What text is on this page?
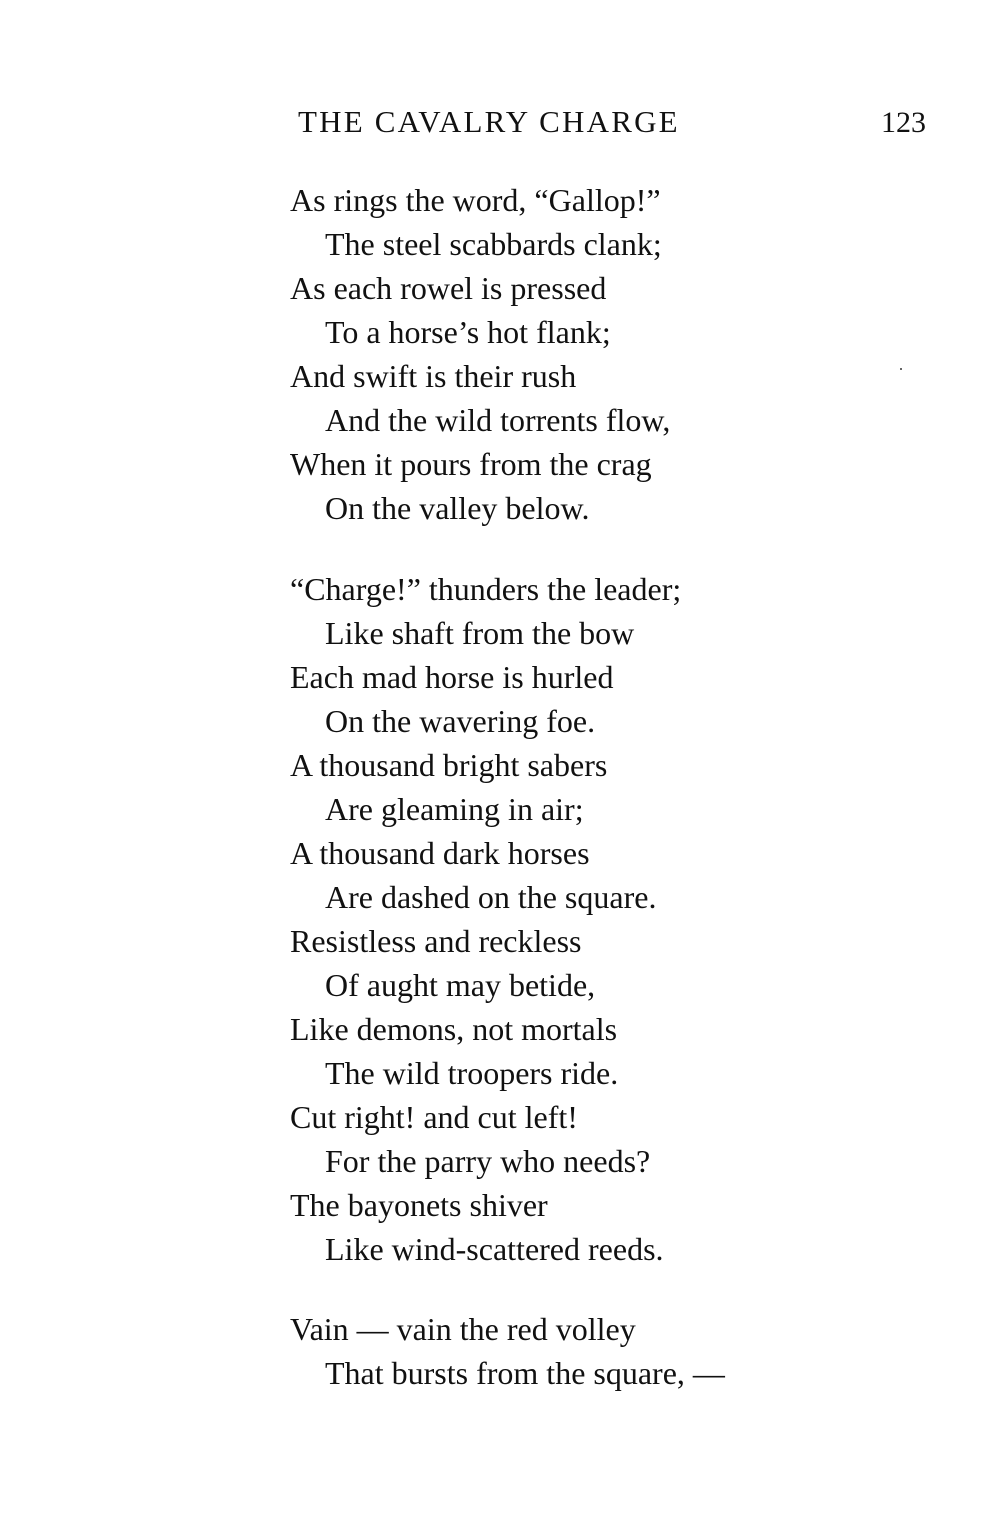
THE CAVALRY CHARGE	123
As rings the word, “Gallop!”
The steel scabbards clank;
As each rowel is pressed
To a horse’s hot flank;
And swift is their rush
And the wild torrents flow,
When it pours from the crag
On the valley below.
“Charge!” thunders the leader;
Like shaft from the bow
Each mad horse is hurled
On the wavering foe.
A thousand bright sabers
Are gleaming in air;
A thousand dark horses
Are dashed on the square.
Resistless and reckless
Of aught may betide,
Like demons, not mortals
The wild troopers ride.
Cut right! and cut left!
For the parry who needs?
The bayonets shiver
Like wind-scattered reeds.
Vain — vain the red volley
That bursts from the square, —
